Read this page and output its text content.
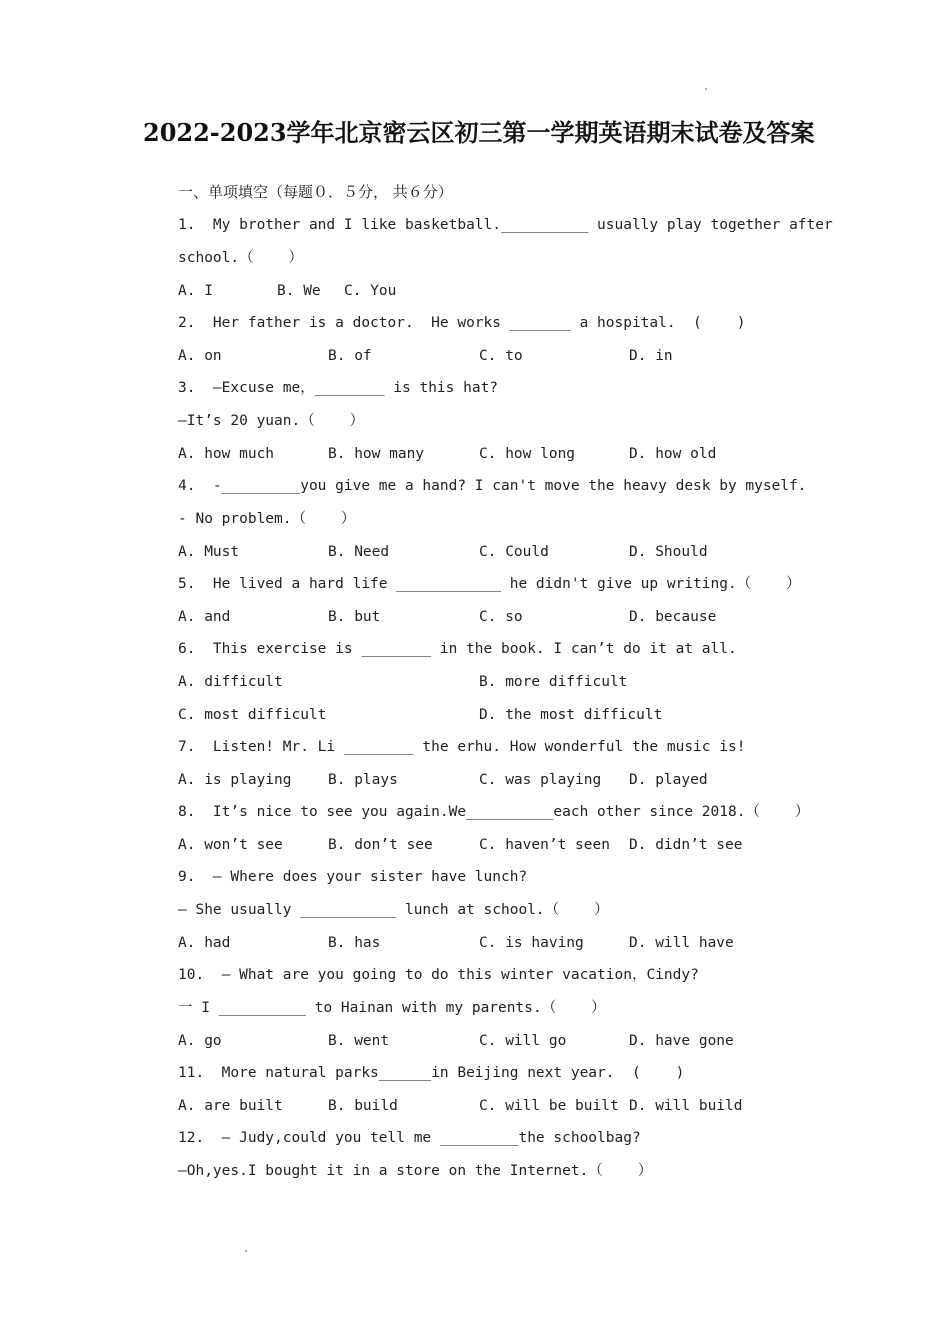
2022-2023学年北京密云区初三第一学期英语期末试卷及答案
一、单项填空（每题０．５分， 共６分）
1.  My brother and I like basketball.__________ usually play together after
school.（    ）
A. I	B. We C. You
2.  Her father is a doctor.  He works _______ a hospital.  (    )
A. on	B. of	C. to	D. in
3.  —Excuse me，________ is this hat?
—It’s 20 yuan.（    ）
A. how much	B. how many	C. how long	D. how old
4.  -_________you give me a hand? I can't move the heavy desk by myself.
- No problem.（    ）
A. Must	B. Need	C. Could	D. Should
5.  He lived a hard life ____________ he didn't give up writing.（    ）
A. and	B. but	C. so	D. because
6.  This exercise is ________ in the book. I can’t do it at all.
A. difficult	B. more difficult
C. most difficult	D. the most difficult
7.  Listen! Mr. Li ________ the erhu. How wonderful the music is!
A. is playing	B. plays	C. was playing D. played
8.  It’s nice to see you again.We__________each other since 2018.（    ）
A. won’t see	B. don’t see	C. haven’t seen D. didn’t see
9.  — Where does your sister have lunch?
— She usually ___________ lunch at school.（    ）
A. had	B. has	C. is having	D. will have
10.  — What are you going to do this winter vacation，Cindy?
一 I __________ to Hainan with my parents.（    ）
A. go	B. went	C. will go	D. have gone
11.  More natural parks______in Beijing next year.  (    )
A. are built	B. build	C. will be built D. will build
12.  — Judy,could you tell me _________the schoolbag?
—Oh,yes.I bought it in a store on the Internet.（    ）
